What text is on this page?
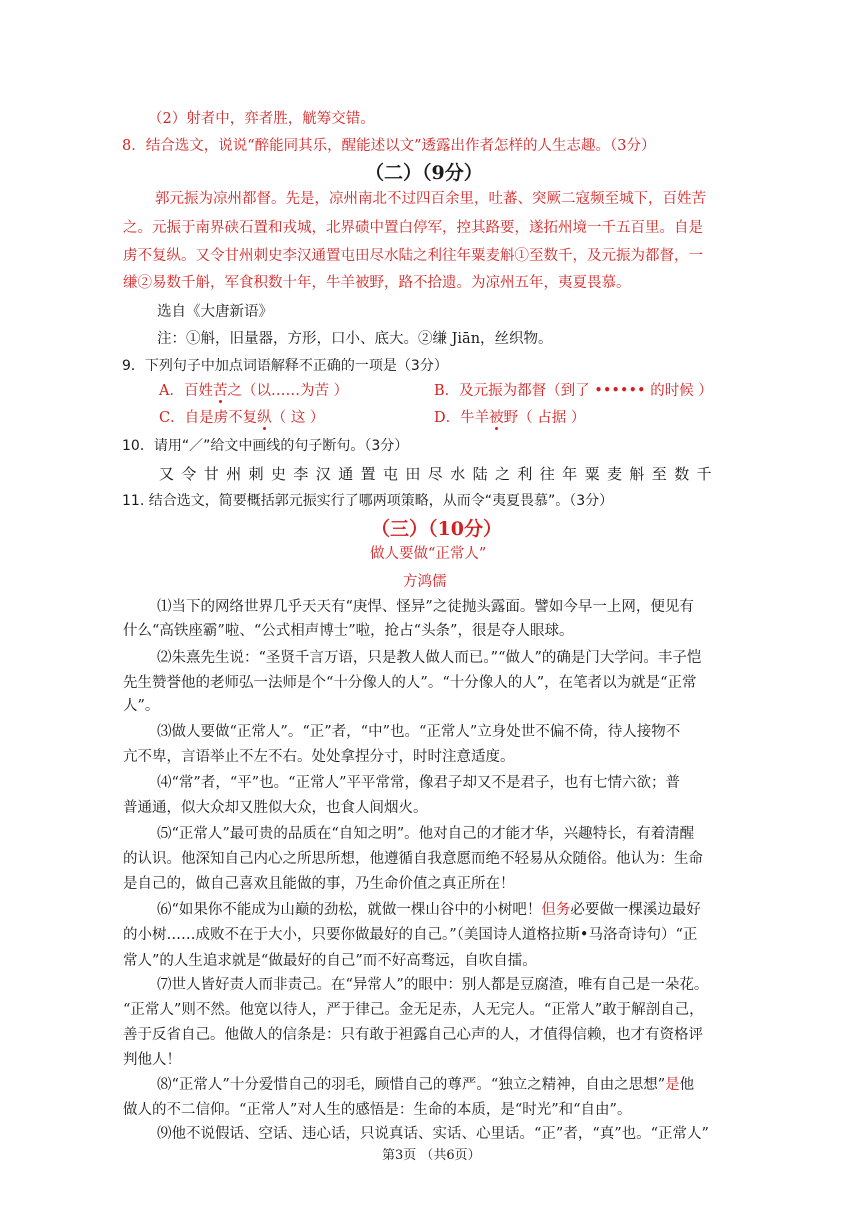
（2）射者中，弈者胜，觥筹交错。
8．结合选文，说说“醉能同其乐，醒能述以文”透露出作者怎样的人生志趣。（3分）
（二）（9分）
郭元振为凉州都督。先是，凉州南北不过四百余里，吐蕃、突厥二寇频至城下，百姓苦
之。元振于南界硖石置和戎城，北界碛中置白停军，控其路要，遂拓州境一千五百里。自是
虏不复纵。又令甘州刺史李汉通置屯田尽水陆之利往年粟麦斛①至数千，及元振为都督，一
缣②易数千斛，军食积数十年，牛羊被野，路不拾遗。为凉州五年，夷夏畏慕。
选自《大唐新语》
注：①斛，旧量器，方形，口小、底大。②缣 Jiān，丝织物。
9．下列句子中加点词语解释不正确的一项是（3分）
A．百姓苦之（以……为苦 ）	B．及元振为都督（到了 •••••• 的时候 ）
C．自是虏不复纵（ 这 ）	D．牛羊被野（ 占据 ）
10．请用“／”给文中画线的句子断句。（3分）
又令甘州刺史李汉通置屯田尽水陆之利往年粟麦斛至数千
11. 结合选文，简要概括郭元振实行了哪两项策略，从而令“夷夏畏慕”。（3分）
（三）（10分）
做人要做“正常人”
方鸿儒
⑴当下的网络世界几乎天天有“庚悍、怪异”之徒抛头露面。譬如今早一上网，便见有
什么“高铁座霸”啦、“公式相声博士”啦，抢占“头条”，很是夺人眼球。
⑵朱熹先生说：“圣贤千言万语，只是教人做人而已。”“做人”的确是门大学问。丰子恺
先生赞誉他的老师弘一法师是个“十分像人的人”。“十分像人的人”，在笔者以为就是“正常
人”。
⑶做人要做“正常人”。“正”者，“中”也。“正常人”立身处世不偏不倚，待人接物不
亢不卑，言语举止不左不右。处处拿捏分寸，时时注意适度。
⑷“常”者，“平”也。“正常人”平平常常，像君子却又不是君子，也有七情六欲；普
普通通，似大众却又胜似大众，也食人间烟火。
⑸“正常人”最可贵的品质在“自知之明”。他对自己的才能才华，兴趣特长，有着清醒
的认识。他深知自己内心之所思所想，他遵循自我意愿而绝不轻易从众随俗。他认为：生命
是自己的，做自己喜欢且能做的事，乃生命价值之真正所在！
⑹“如果你不能成为山巅的劲松，就做一棵山谷中的小树吧！但务必要做一棵溪边最好
的小树……成败不在于大小，只要你做最好的自己。”（美国诗人道格拉斯•马洛奇诗句）“正
常人”的人生追求就是“做最好的自己”而不好高骛远，自吹自擂。
⑺世人皆好责人而非责己。在“异常人”的眼中：别人都是豆腐渣，唯有自己是一朵花。
“正常人”则不然。他宽以待人，严于律己。金无足赤，人无完人。“正常人”敢于解剖自己，
善于反省自己。他做人的信条是：只有敢于袒露自己心声的人，才值得信赖，也才有资格评
判他人！
⑻“正常人”十分爱惜自己的羽毛，顾惜自己的尊严。“独立之精神，自由之思想”是他
做人的不二信仰。“正常人”对人生的感悟是：生命的本质，是“时光”和“自由”。
⑼他不说假话、空话、违心话，只说真话、实话、心里话。“正”者，“真”也。“正常人”
第3页 （共6页）
